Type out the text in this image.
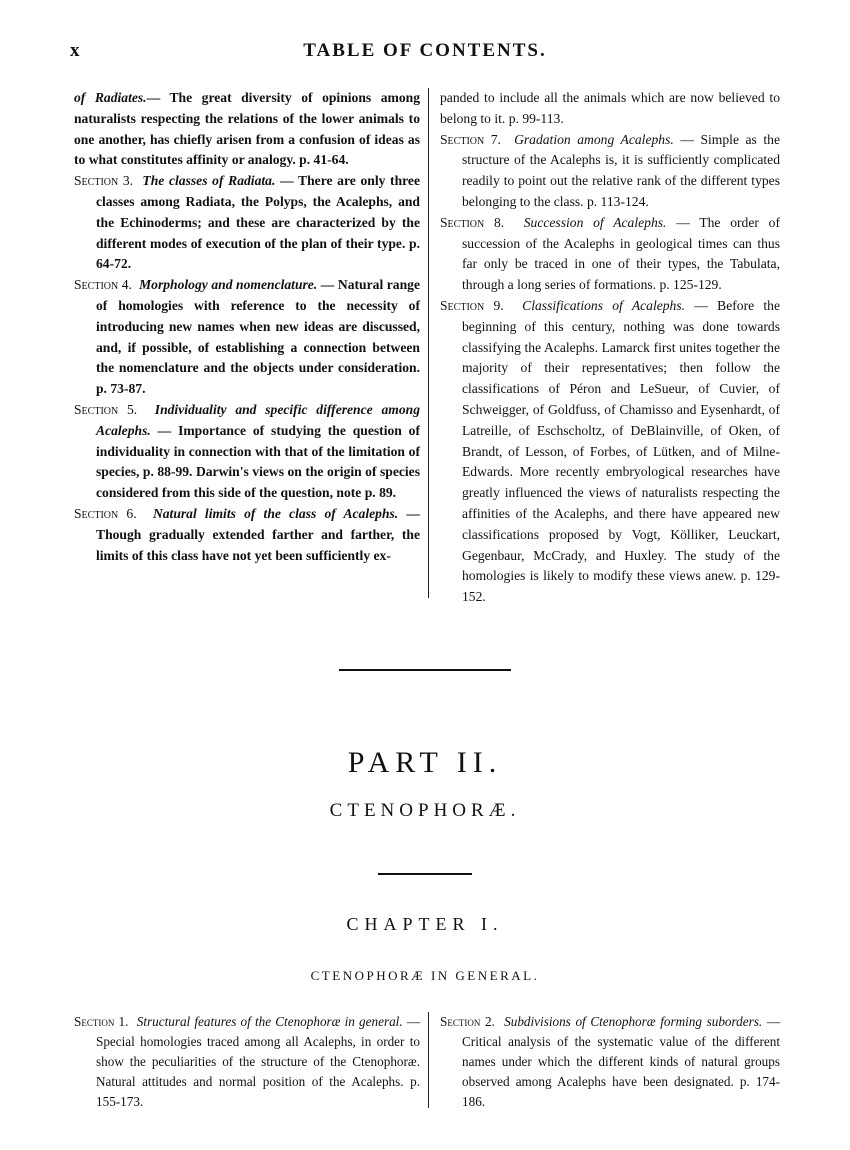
x	TABLE OF CONTENTS.

of Radiates.— The great diversity of opinions among naturalists respecting the relations of the lower animals to one another, has chiefly arisen from a confusion of ideas as to what constitutes affinity or analogy. p. 41-64.

Section 3. The classes of Radiata. — There are only three classes among Radiata, the Polyps, the Acalephs, and the Echinoderms; and these are characterized by the different modes of execution of the plan of their type. p. 64-72.

Section 4. Morphology and nomenclature. — Natural range of homologies with reference to the necessity of introducing new names when new ideas are discussed, and, if possible, of establishing a connection between the nomenclature and the objects under consideration. p. 73-87.

Section 5. Individuality and specific difference among Acalephs. — Importance of studying the question of individuality in connection with that of the limitation of species, p. 88-99. Darwin's views on the origin of species considered from this side of the question, note p. 89.

Section 6. Natural limits of the class of Acalephs. — Though gradually extended farther and farther, the limits of this class have not yet been sufficiently ex-

panded to include all the animals which are now believed to belong to it. p. 99-113.

Section 7. Gradation among Acalephs. — Simple as the structure of the Acalephs is, it is sufficiently complicated readily to point out the relative rank of the different types belonging to the class. p. 113-124.

Section 8. Succession of Acalephs. — The order of succession of the Acalephs in geological times can thus far only be traced in one of their types, the Tabulata, through a long series of formations. p. 125-129.

Section 9. Classifications of Acalephs. — Before the beginning of this century, nothing was done towards classifying the Acalephs. Lamarck first unites together the majority of their representatives; then follow the classifications of Péron and LeSueur, of Cuvier, of Schweigger, of Goldfuss, of Chamisso and Eysenhardt, of Latreille, of Eschscholtz, of DeBlainville, of Oken, of Brandt, of Lesson, of Forbes, of Lütken, and of Milne-Edwards. More recently embryological researches have greatly influenced the views of naturalists respecting the affinities of the Acalephs, and there have appeared new classifications proposed by Vogt, Kölliker, Leuckart, Gegenbaur, McCrady, and Huxley. The study of the homologies is likely to modify these views anew. p. 129-152.

PART II.
CTENOPHORÆ.
CHAPTER I.
CTENOPHORÆ IN GENERAL.

Section 1. Structural features of the Ctenophoræ in general. — Special homologies traced among all Acalephs, in order to show the peculiarities of the structure of the Ctenophoræ. Natural attitudes and normal position of the Acalephs. p. 155-173.

Section 2. Subdivisions of Ctenophoræ forming suborders. — Critical analysis of the systematic value of the different names under which the different kinds of natural groups observed among Acalephs have been designated. p. 174-186.
